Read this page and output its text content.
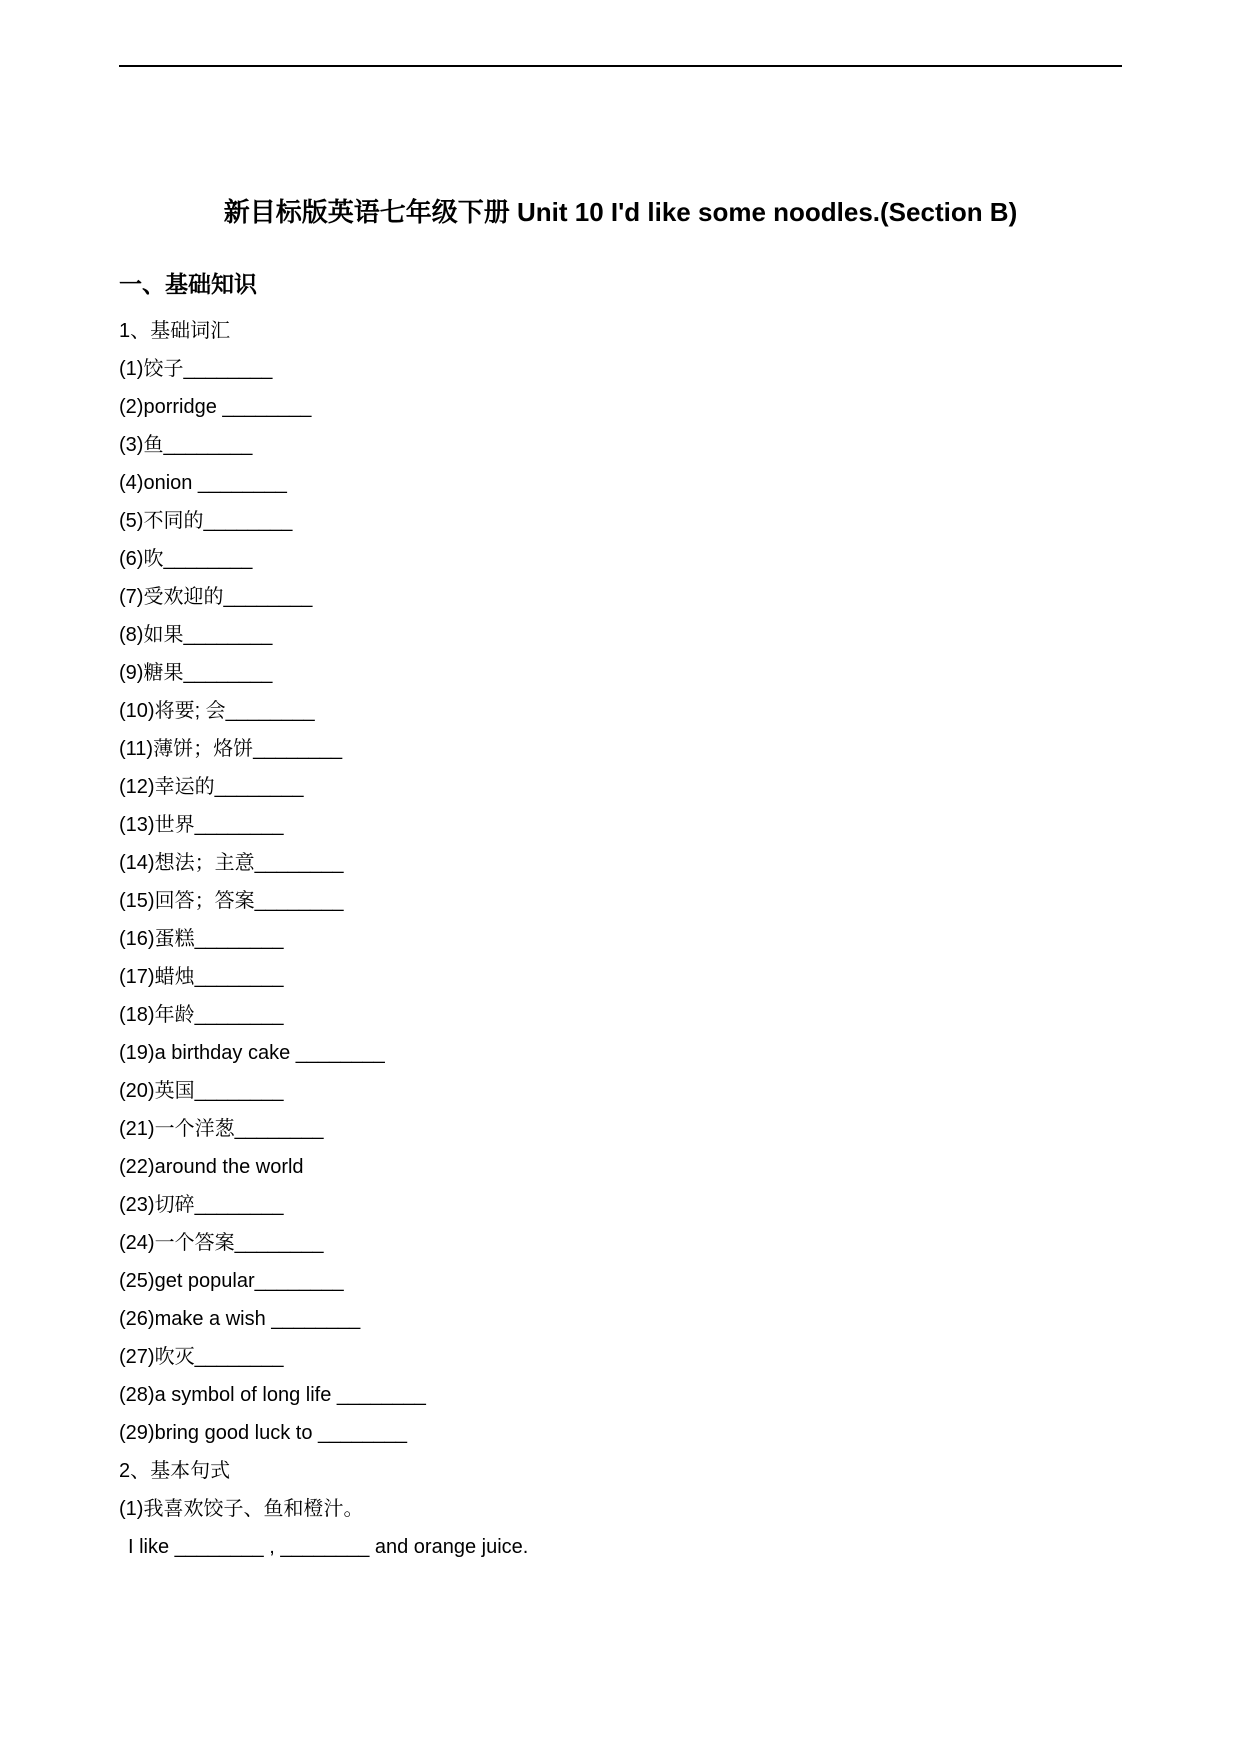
新目标版英语七年级下册 Unit 10 I'd like some noodles.(Section B)
一、基础知识
1、基础词汇
(1)饺子________
(2)porridge ________
(3)鱼________
(4)onion ________
(5)不同的________
(6)吹________
(7)受欢迎的________
(8)如果________
(9)糖果________
(10)将要; 会________
(11)薄饼；烙饼________
(12)幸运的________
(13)世界________
(14)想法；主意________
(15)回答；答案________
(16)蛋糕________
(17)蜡烛________
(18)年龄________
(19)a birthday cake ________
(20)英国________
(21)一个洋葱________
(22)around the world
(23)切碎________
(24)一个答案________
(25)get popular________
(26)make a wish ________
(27)吹灭________
(28)a symbol of long life ________
(29)bring good luck to ________
2、基本句式
(1)我喜欢饺子、鱼和橙汁。
I like ________ , ________ and orange juice.
